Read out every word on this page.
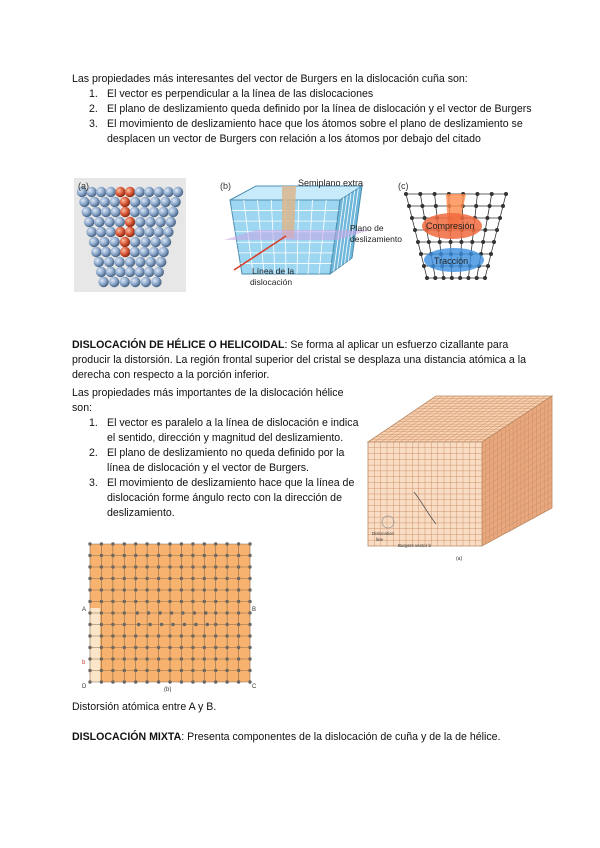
Las propiedades más interesantes del vector de Burgers en la dislocación cuña son:
1. El vector es perpendicular a la línea de las dislocaciones
2. El plano de deslizamiento queda definido por la línea de dislocación y el vector de Burgers
3. El movimiento de deslizamiento hace que los átomos sobre el plano de deslizamiento se desplacen un vector de Burgers con relación a los átomos por debajo del citado
(a)	(b)	Semiplano extra
Plano de
deslizamiento
Línea de la
dislocación
(c)
Compresión
Tracción
DISLOCACIÓN DE HÉLICE O HELICOIDAL: Se forma al aplicar un esfuerzo cizallante para producir la distorsión. La región frontal superior del cristal se desplaza una distancia atómica a la derecha con respecto a la porción inferior.
Las propiedades más importantes de la dislocación hélice son:
1. El vector es paralelo a la línea de dislocación e indica el sentido, dirección y magnitud del deslizamiento.
2. El plano de deslizamiento no queda definido por la línea de dislocación y el vector de Burgers.
3. El movimiento de deslizamiento hace que la línea de dislocación forme ángulo recto con la dirección de deslizamiento.
Dislocation
line
Burgers vector b
(a)
A	B
D	C
b
(b)
Distorsión atómica entre A y B.
DISLOCACIÓN MIXTA: Presenta componentes de la dislocación de cuña y de la de hélice.
